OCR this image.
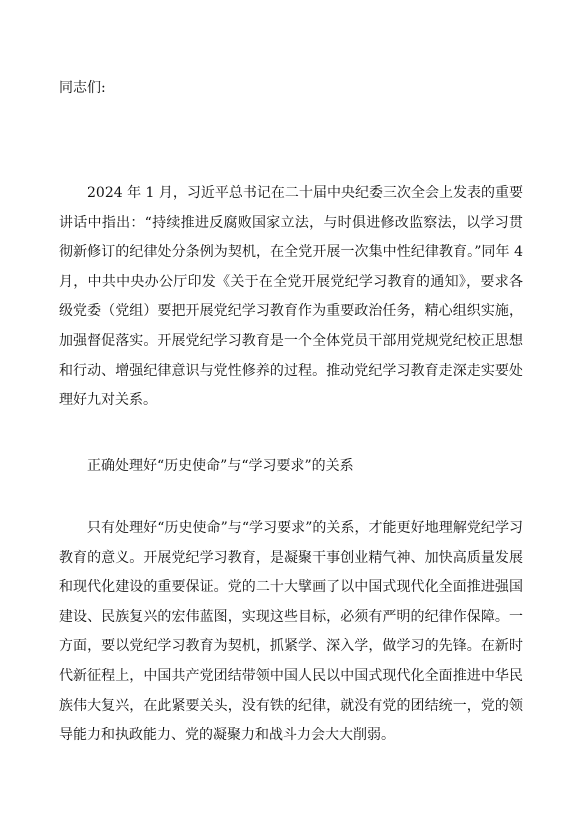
同志们:

2024 年 1 月，习近平总书记在二十届中央纪委三次全会上发表的重要讲话中指出：“持续推进反腐败国家立法，与时俱进修改监察法，以学习贯彻新修订的纪律处分条例为契机，在全党开展一次集中性纪律教育。”同年 4 月，中共中央办公厅印发《关于在全党开展党纪学习教育的通知》，要求各级党委（党组）要把开展党纪学习教育作为重要政治任务，精心组织实施，加强督促落实。开展党纪学习教育是一个全体党员干部用党规党纪校正思想和行动、增强纪律意识与党性修养的过程。推动党纪学习教育走深走实要处理好九对关系。

正确处理好“历史使命”与“学习要求”的关系

只有处理好“历史使命”与“学习要求”的关系，才能更好地理解党纪学习教育的意义。开展党纪学习教育，是凝聚干事创业精气神、加快高质量发展和现代化建设的重要保证。党的二十大擘画了以中国式现代化全面推进强国建设、民族复兴的宏伟蓝图，实现这些目标，必须有严明的纪律作保障。一方面，要以党纪学习教育为契机，抓紧学、深入学，做学习的先锋。在新时代新征程上，中国共产党团结带领中国人民以中国式现代化全面推进中华民族伟大复兴，在此紧要关头，没有铁的纪律，就没有党的团结统一，党的领导能力和执政能力、党的凝聚力和战斗力会大大削弱。
